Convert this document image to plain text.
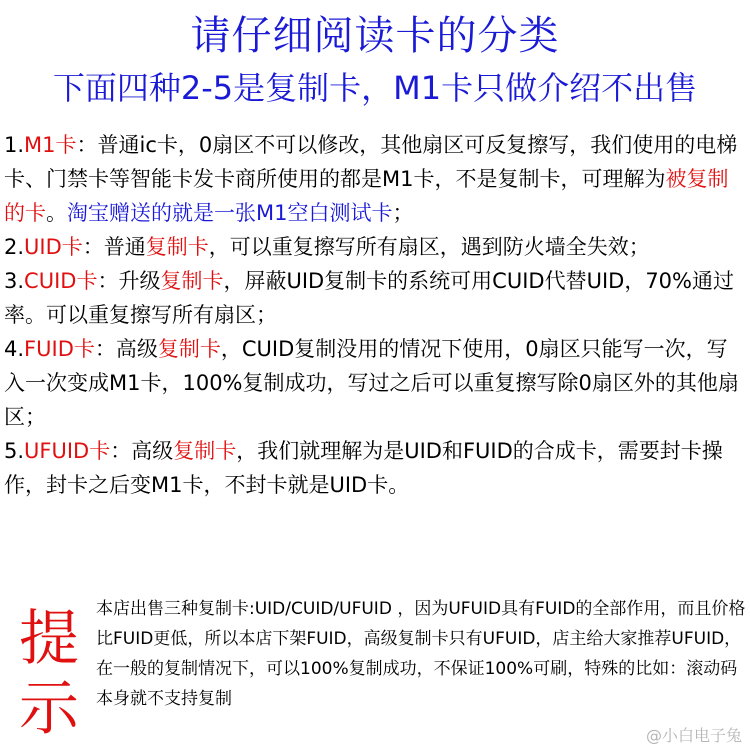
请仔细阅读卡的分类
下面四种2-5是复制卡，M1卡只做介绍不出售

1.M1卡：普通ic卡，0扇区不可以修改，其他扇区可反复擦写，我们使用的电梯卡、门禁卡等智能卡发卡商所使用的都是M1卡，不是复制卡，可理解为被复制的卡。淘宝赠送的就是一张M1空白测试卡；

2.UID卡：普通复制卡，可以重复擦写所有扇区，遇到防火墙全失效；

3.CUID卡：升级复制卡，屏蔽UID复制卡的系统可用CUID代替UID，70%通过率。可以重复擦写所有扇区；

4.FUID卡：高级复制卡，CUID复制没用的情况下使用，0扇区只能写一次，写入一次变成M1卡，100%复制成功，写过之后可以重复擦写除0扇区外的其他扇区；

5.UFUID卡：高级复制卡，我们就理解为是UID和FUID的合成卡，需要封卡操作，封卡之后变M1卡，不封卡就是UID卡。

提
示
本店出售三种复制卡:UID/CUID/UFUID ，因为UFUID具有FUID的全部作用，而且价格比FUID更低，所以本店下架FUID，高级复制卡只有UFUID，店主给大家推荐UFUID，在一般的复制情况下，可以100%复制成功，不保证100%可刷，特殊的比如：滚动码本身就不支持复制
@小白电子兔
